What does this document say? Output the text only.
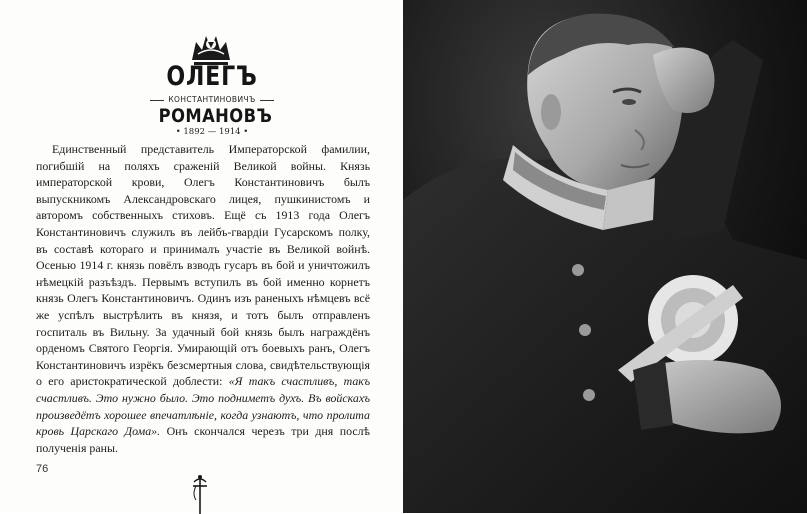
ОЛЕГЪ
КОНСТАНТИНОВИЧЪ
РОМАНОВЪ
• 1892 — 1914 •

Единственный представитель Императорской фамилии, погибшій на поляхъ сраженій Великой войны. Князь императорской крови, Олегъ Константиновичъ былъ выпускникомъ Александровскаго лицея, пушкинистомъ и авторомъ собственныхъ стиховъ. Ещё съ 1913 года Олегъ Константиновичъ служилъ въ лейбъ-гвардіи Гусарскомъ полку, въ составѣ котораго и принималъ участіе въ Великой войнѣ. Осенью 1914 г. князь повёлъ взводъ гусаръ въ бой и уничтожилъ нѣмецкій разъѣздъ. Первымъ вступилъ въ бой именно корнетъ князь Олегъ Константиновичъ. Одинъ изъ раненыхъ нѣмцевъ всё же успѣлъ выстрѣлить въ князя, и тотъ былъ отправленъ госпиталь въ Вильну. За удачный бой князь былъ награждёнъ орденомъ Святого Георгія. Умирающій отъ боевыхъ ранъ, Олегъ Константиновичъ изрёкъ безсмертныя слова, свидѣтельствующія о его аристократической доблести: «Я такъ счастливъ, такъ счастливъ. Это нужно было. Это подниметъ духъ. Въ войскахъ произведётъ хорошее впечатлѣніе, когда узнаютъ, что пролита кровь Царскаго Дома». Онъ скончался черезъ три дня послѣ полученія раны.

76
